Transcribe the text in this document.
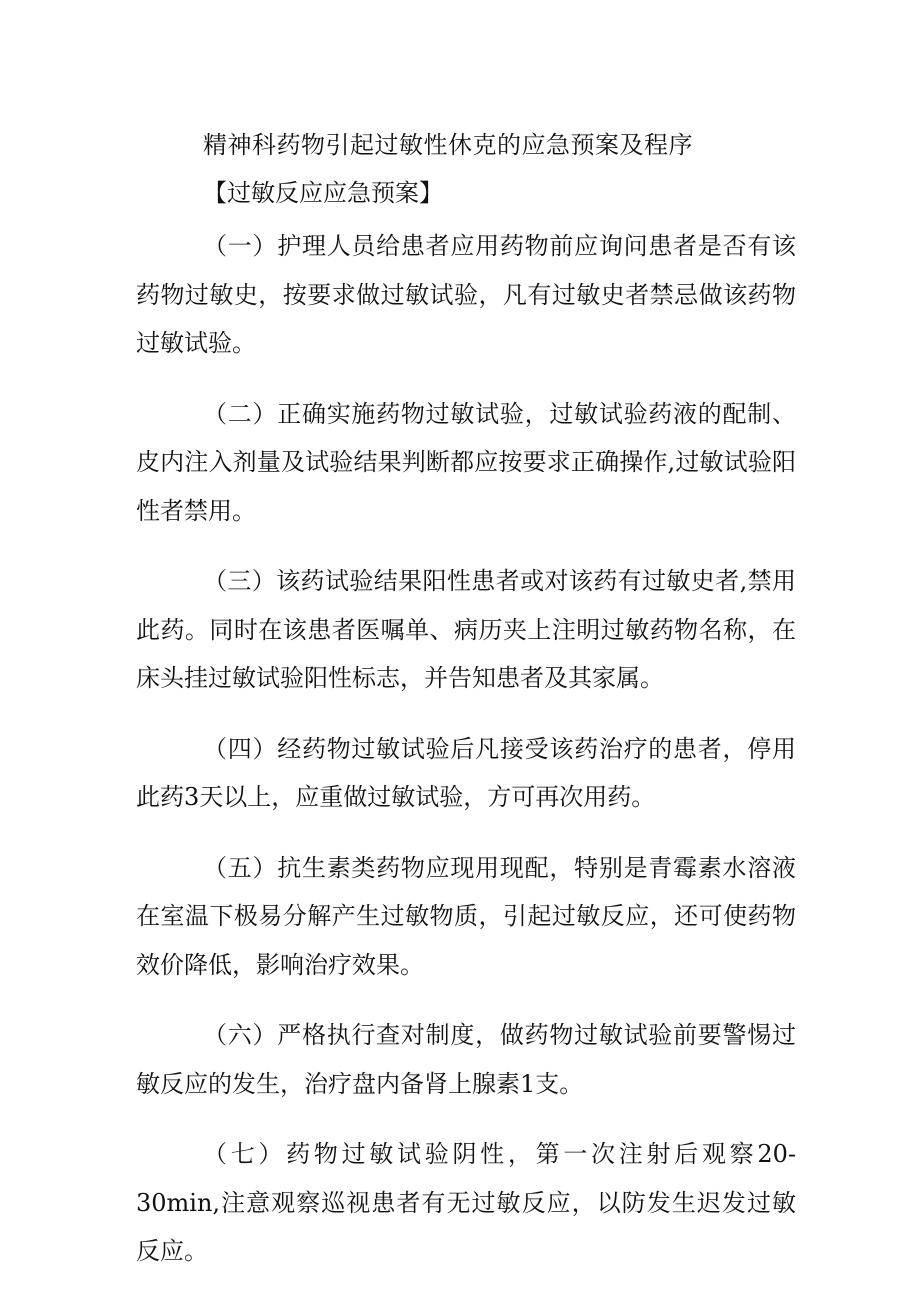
精神科药物引起过敏性休克的应急预案及程序
【过敏反应应急预案】

（一）护理人员给患者应用药物前应询问患者是否有该药物过敏史，按要求做过敏试验，凡有过敏史者禁忌做该药物过敏试验。

（二）正确实施药物过敏试验，过敏试验药液的配制、皮内注入剂量及试验结果判断都应按要求正确操作,过敏试验阳性者禁用。

（三）该药试验结果阳性患者或对该药有过敏史者,禁用此药。同时在该患者医嘱单、病历夹上注明过敏药物名称，在床头挂过敏试验阳性标志，并告知患者及其家属。

（四）经药物过敏试验后凡接受该药治疗的患者，停用此药3天以上，应重做过敏试验，方可再次用药。

（五）抗生素类药物应现用现配，特别是青霉素水溶液在室温下极易分解产生过敏物质，引起过敏反应，还可使药物效价降低，影响治疗效果。

（六）严格执行查对制度，做药物过敏试验前要警惕过敏反应的发生，治疗盘内备肾上腺素1支。

（七）药物过敏试验阴性，第一次注射后观察20-30min,注意观察巡视患者有无过敏反应，以防发生迟发过敏反应。
